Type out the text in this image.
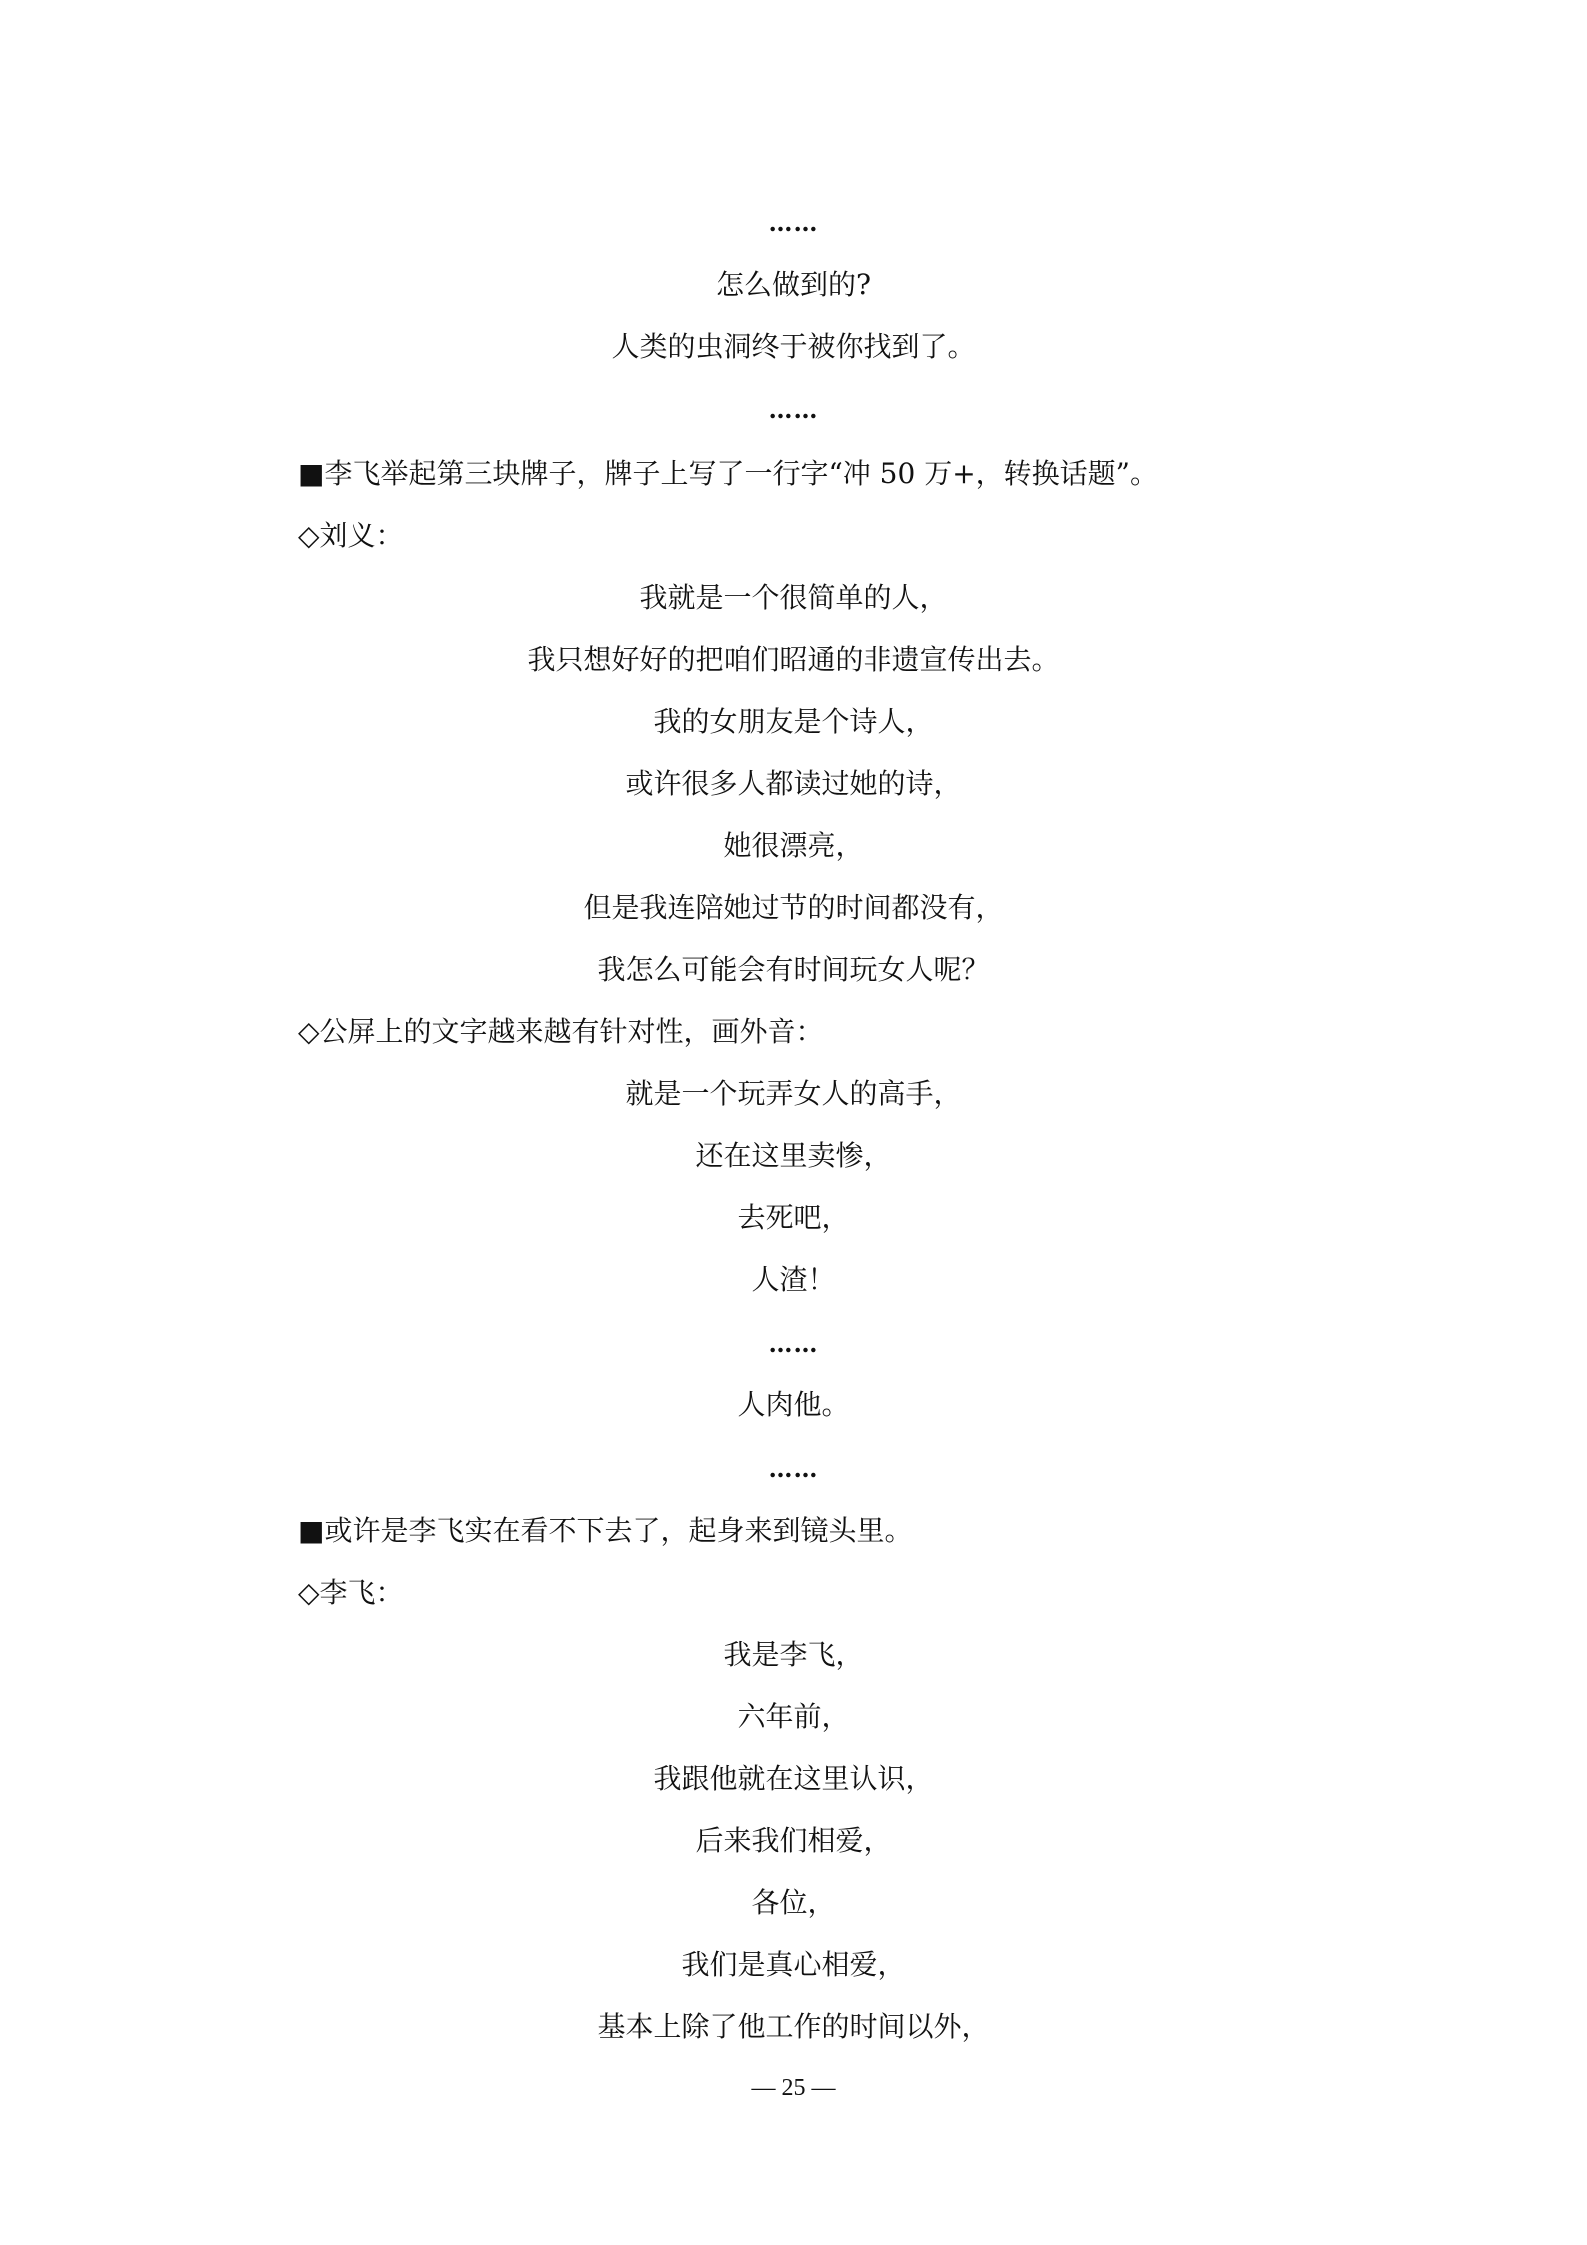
……
怎么做到的?
人类的虫洞终于被你找到了。
……
■李飞举起第三块牌子，牌子上写了一行字“冲 50 万+，转换话题”。
◇刘义：
我就是一个很简单的人，
我只想好好的把咱们昭通的非遗宣传出去。
我的女朋友是个诗人，
或许很多人都读过她的诗，
她很漂亮，
但是我连陪她过节的时间都没有，
我怎么可能会有时间玩女人呢？
◇公屏上的文字越来越有针对性，画外音：
就是一个玩弄女人的高手，
还在这里卖惨，
去死吧，
人渣！
……
人肉他。
……
■或许是李飞实在看不下去了，起身来到镜头里。
◇李飞：
我是李飞，
六年前，
我跟他就在这里认识，
后来我们相爱，
各位，
我们是真心相爱，
基本上除了他工作的时间以外，
— 25 —
